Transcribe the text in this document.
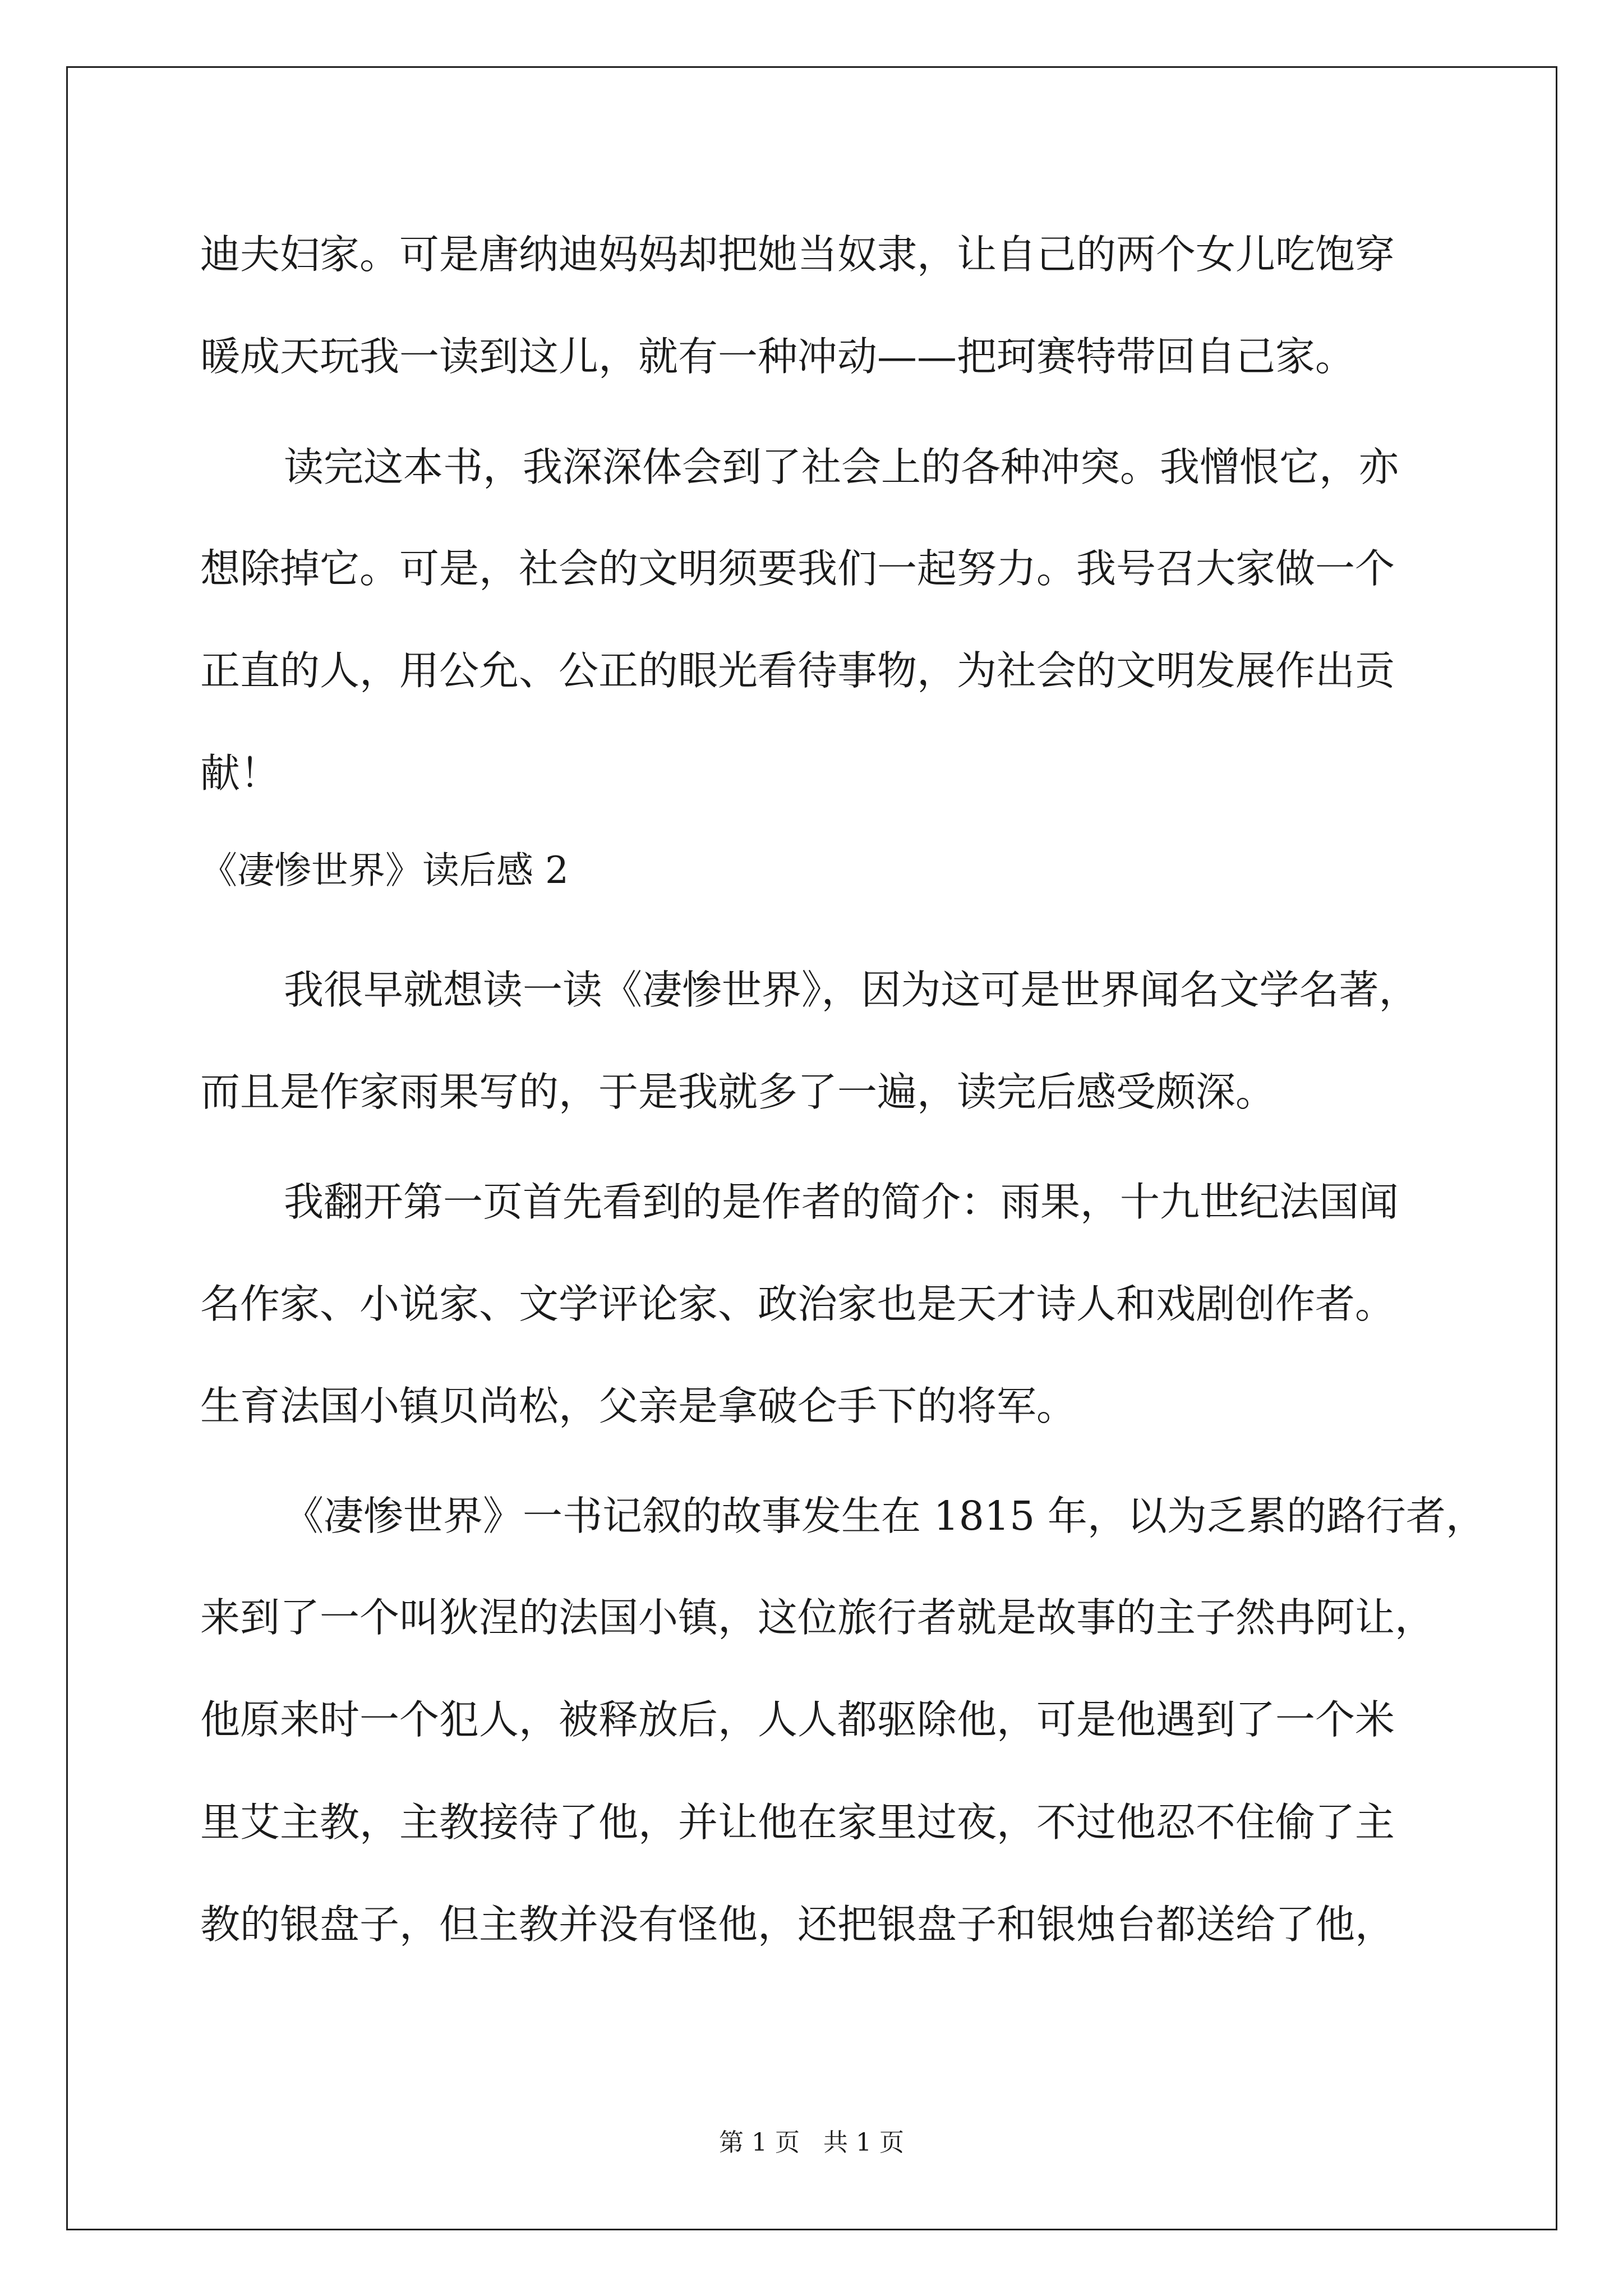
迪夫妇家。可是唐纳迪妈妈却把她当奴隶，让自己的两个女儿吃饱穿

暖成天玩我一读到这儿，就有一种冲动——把珂赛特带回自己家。

读完这本书，我深深体会到了社会上的各种冲突。我憎恨它，亦

想除掉它。可是，社会的文明须要我们一起努力。我号召大家做一个

正直的人，用公允、公正的眼光看待事物，为社会的文明发展作出贡

献！

《凄惨世界》读后感 2

我很早就想读一读《凄惨世界》，因为这可是世界闻名文学名著，

而且是作家雨果写的，于是我就多了一遍，读完后感受颇深。

我翻开第一页首先看到的是作者的简介：雨果，十九世纪法国闻

名作家、小说家、文学评论家、政治家也是天才诗人和戏剧创作者。

生育法国小镇贝尚松，父亲是拿破仑手下的将军。

《凄惨世界》一书记叙的故事发生在 1815 年，以为乏累的路行者，

来到了一个叫狄涅的法国小镇，这位旅行者就是故事的主子然冉阿让，

他原来时一个犯人，被释放后，人人都驱除他，可是他遇到了一个米

里艾主教，主教接待了他，并让他在家里过夜，不过他忍不住偷了主

教的银盘子，但主教并没有怪他，还把银盘子和银烛台都送给了他，

第 1 页 共 1 页
